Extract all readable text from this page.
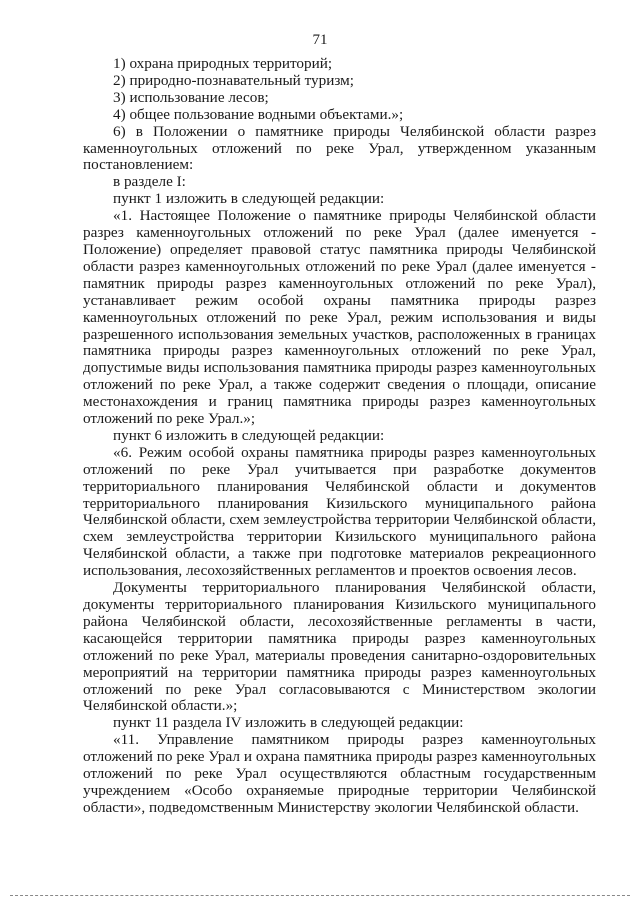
71

1) охрана природных территорий;

2) природно-познавательный туризм;

3) использование лесов;

4) общее пользование водными объектами.»;

6) в Положении о памятнике природы Челябинской области разрез каменноугольных отложений по реке Урал, утвержденном указанным постановлением:

в разделе I:

пункт 1 изложить в следующей редакции:

«1. Настоящее Положение о памятнике природы Челябинской области разрез каменноугольных отложений по реке Урал (далее именуется - Положение) определяет правовой статус памятника природы Челябинской области разрез каменноугольных отложений по реке Урал (далее именуется - памятник природы разрез каменноугольных отложений по реке Урал), устанавливает режим особой охраны памятника природы разрез каменноугольных отложений по реке Урал, режим использования и виды разрешенного использования земельных участков, расположенных в границах памятника природы разрез каменноугольных отложений по реке Урал, допустимые виды использования памятника природы разрез каменноугольных отложений по реке Урал, а также содержит сведения о площади, описание местонахождения и границ памятника природы разрез каменноугольных отложений по реке Урал.»;

пункт 6 изложить в следующей редакции:

«6. Режим особой охраны памятника природы разрез каменноугольных отложений по реке Урал учитывается при разработке документов территориального планирования Челябинской области и документов территориального планирования Кизильского муниципального района Челябинской области, схем землеустройства территории Челябинской области, схем землеустройства территории Кизильского муниципального района Челябинской области, а также при подготовке материалов рекреационного использования, лесохозяйственных регламентов и проектов освоения лесов.

Документы территориального планирования Челябинской области, документы территориального планирования Кизильского муниципального района Челябинской области, лесохозяйственные регламенты в части, касающейся территории памятника природы разрез каменноугольных отложений по реке Урал, материалы проведения санитарно-оздоровительных мероприятий на территории памятника природы разрез каменноугольных отложений по реке Урал согласовываются с Министерством экологии Челябинской области.»;

пункт 11 раздела IV изложить в следующей редакции:

«11. Управление памятником природы разрез каменноугольных отложений по реке Урал и охрана памятника природы разрез каменноугольных отложений по реке Урал осуществляются областным государственным учреждением «Особо охраняемые природные территории Челябинской области», подведомственным Министерству экологии Челябинской области.
